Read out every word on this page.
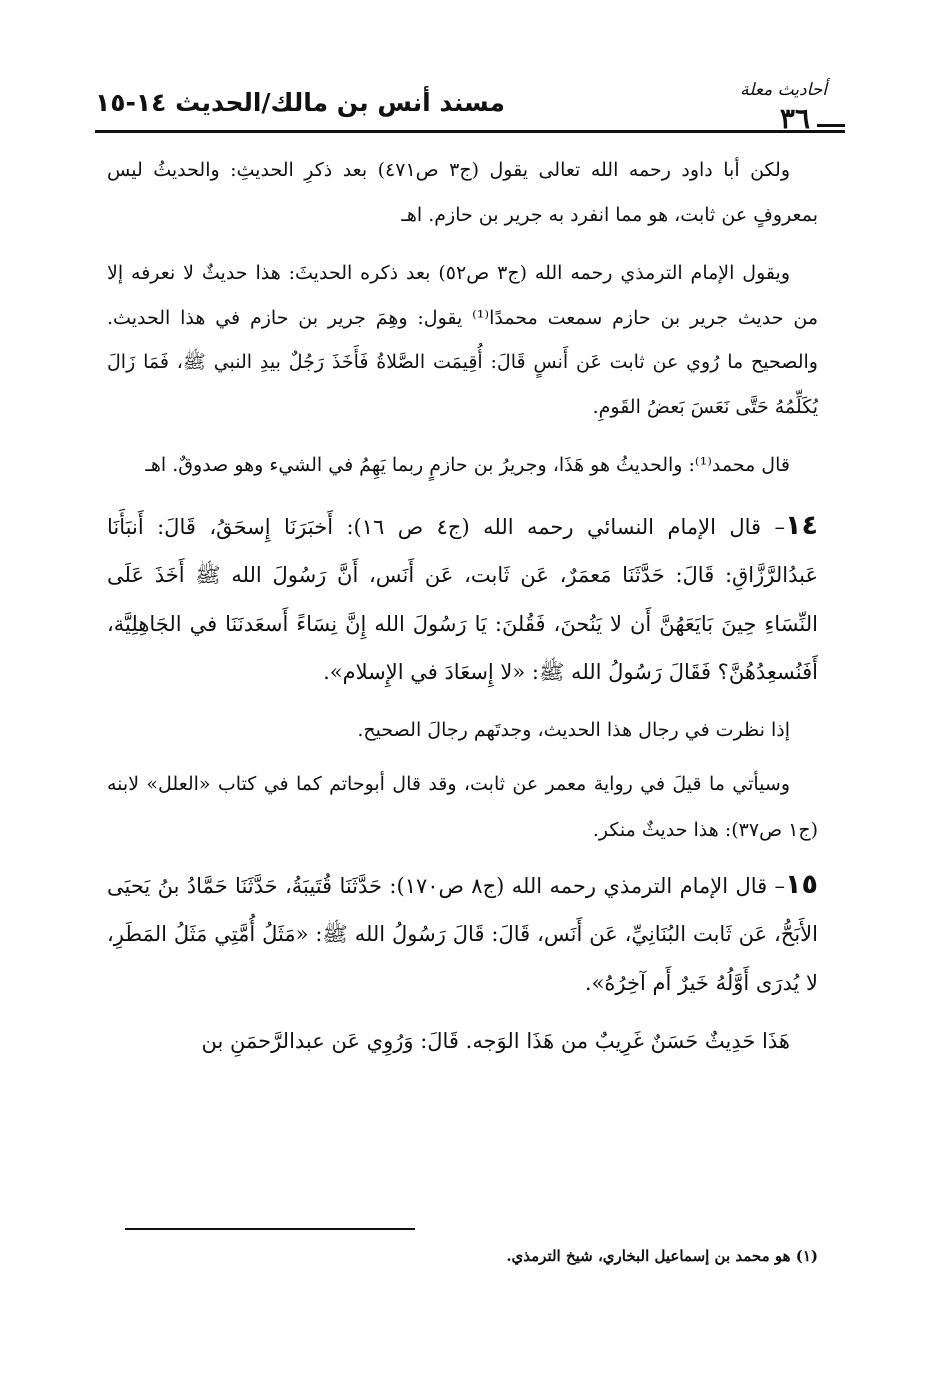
أحاديث معلة
٣٦
مسند أنس بن مالك/الحديث ١٤-١٥

ولكن أبا داود رحمه الله تعالى يقول (ج٣ ص٤٧١) بعد ذكرِ الحديثِ: والحديثُ ليس بمعروفٍ عن ثابت، هو مما انفرد به جرير بن حازم. اهـ

ويقول الإمام الترمذي رحمه الله (ج٣ ص٥٢) بعد ذكره الحديثَ: هذا حديثٌ لا نعرفه إلا من حديث جرير بن حازم سمعت محمدًا⁽¹⁾ يقول: وهِمَ جرير بن حازم في هذا الحديث. والصحيح ما رُوي عن ثابت عَن أَنسٍ قَالَ: أُقِيمَت الصَّلاةُ فَأَخَذَ رَجُلٌ بيدِ النبي ﷺ، فَمَا زَالَ يُكَلِّمُهُ حَتَّى نَعَسَ بَعضُ القَومِ.

قال محمد⁽¹⁾: والحديثُ هو هَذَا، وجريرُ بن حازمٍ ربما يَهِمُ في الشيء وهو صدوقٌ. اهـ

١٤– قال الإمام النسائي رحمه الله (ج٤ ص ١٦): أَخبَرَنَا إِسحَقُ، قَالَ: أَنبَأَنَا عَبدُالرَّزَّاقِ: قَالَ: حَدَّثَنَا مَعمَرٌ، عَن ثَابت، عَن أَنَس، أَنَّ رَسُولَ الله ﷺ أَخَذَ عَلَى النِّسَاءِ حِينَ بَايَعَهُنَّ أَن لا يَنُحنَ، فَقُلنَ: يَا رَسُولَ الله إِنَّ نِسَاءً أَسعَدنَنَا في الجَاهِلِيَّة، أَفَنُسعِدُهُنَّ؟ فَقَالَ رَسُولُ الله ﷺ: «لا إِسعَادَ في الإِسلام».

إذا نظرت في رجال هذا الحديث، وجدتَهم رجالَ الصحيح.

وسيأتي ما قيلَ في رواية معمر عن ثابت، وقد قال أبوحاتم كما في كتاب «العلل» لابنه (ج١ ص٣٧): هذا حديثٌ منكر.

١٥– قال الإمام الترمذي رحمه الله (ج٨ ص١٧٠): حَدَّثَنَا قُتَيبَةُ، حَدَّثَنَا حَمَّادُ بنُ يَحيَى الأَبَحُّ، عَن ثَابت البُنَانِيِّ، عَن أَنَس، قَالَ: قَالَ رَسُولُ الله ﷺ: «مَثَلُ أُمَّتِي مَثَلُ المَطَرِ، لا يُدرَى أَوَّلُهُ خَيرٌ أَم آخِرُهُ».

هَذَا حَدِيثٌ حَسَنٌ غَرِيبٌ من هَذَا الوَجه. قَالَ: وَرُوِي عَن عبدالرَّحمَنِ بن

(١) هو محمد بن إسماعيل البخاري، شيخ الترمذي.
